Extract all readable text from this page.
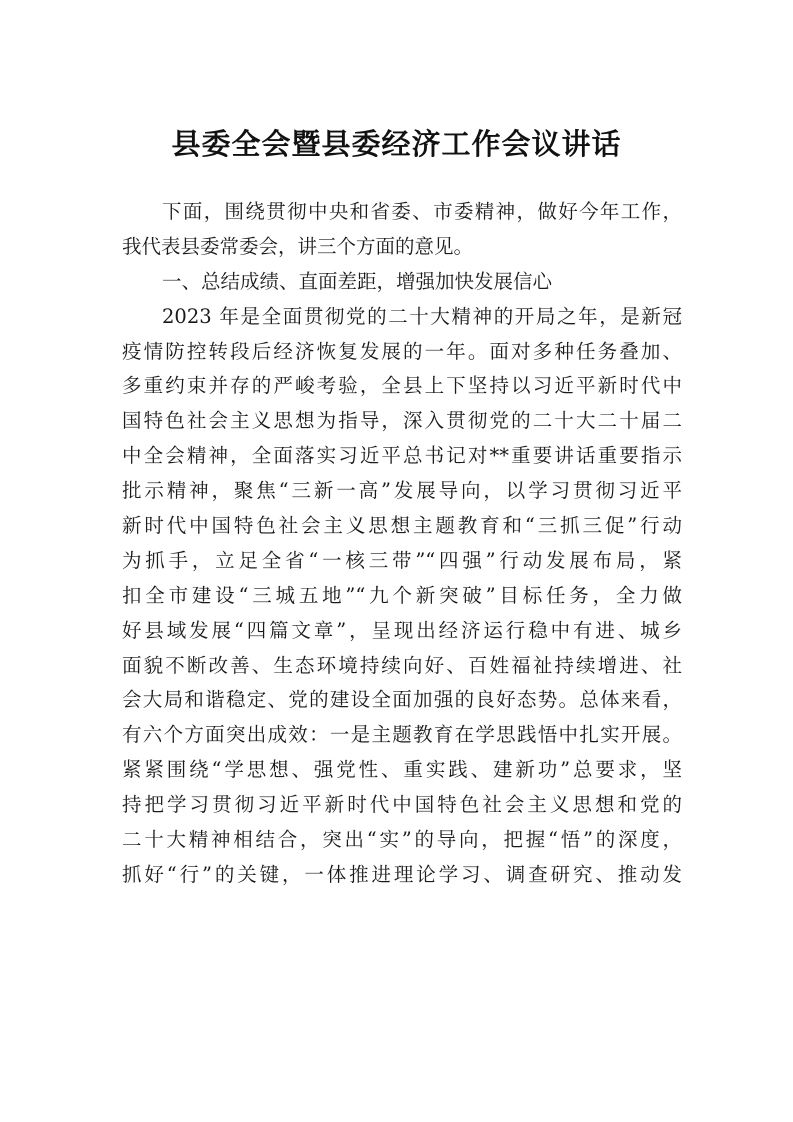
县委全会暨县委经济工作会议讲话
下面，围绕贯彻中央和省委、市委精神，做好今年工作，
我代表县委常委会，讲三个方面的意见。
一、总结成绩、直面差距，增强加快发展信心
2023 年是全面贯彻党的二十大精神的开局之年，是新冠
疫情防控转段后经济恢复发展的一年。面对多种任务叠加、
多重约束并存的严峻考验，全县上下坚持以习近平新时代中
国特色社会主义思想为指导，深入贯彻党的二十大二十届二
中全会精神，全面落实习近平总书记对**重要讲话重要指示
批示精神，聚焦“三新一高”发展导向，以学习贯彻习近平
新时代中国特色社会主义思想主题教育和“三抓三促”行动
为抓手，立足全省“一核三带”“四强”行动发展布局，紧
扣全市建设“三城五地”“九个新突破”目标任务，全力做
好县域发展“四篇文章”，呈现出经济运行稳中有进、城乡
面貌不断改善、生态环境持续向好、百姓福祉持续增进、社
会大局和谐稳定、党的建设全面加强的良好态势。总体来看，
有六个方面突出成效：一是主题教育在学思践悟中扎实开展。
紧紧围绕“学思想、强党性、重实践、建新功”总要求，坚
持把学习贯彻习近平新时代中国特色社会主义思想和党的
二十大精神相结合，突出“实”的导向，把握“悟”的深度，
抓好“行”的关键，一体推进理论学习、调查研究、推动发
